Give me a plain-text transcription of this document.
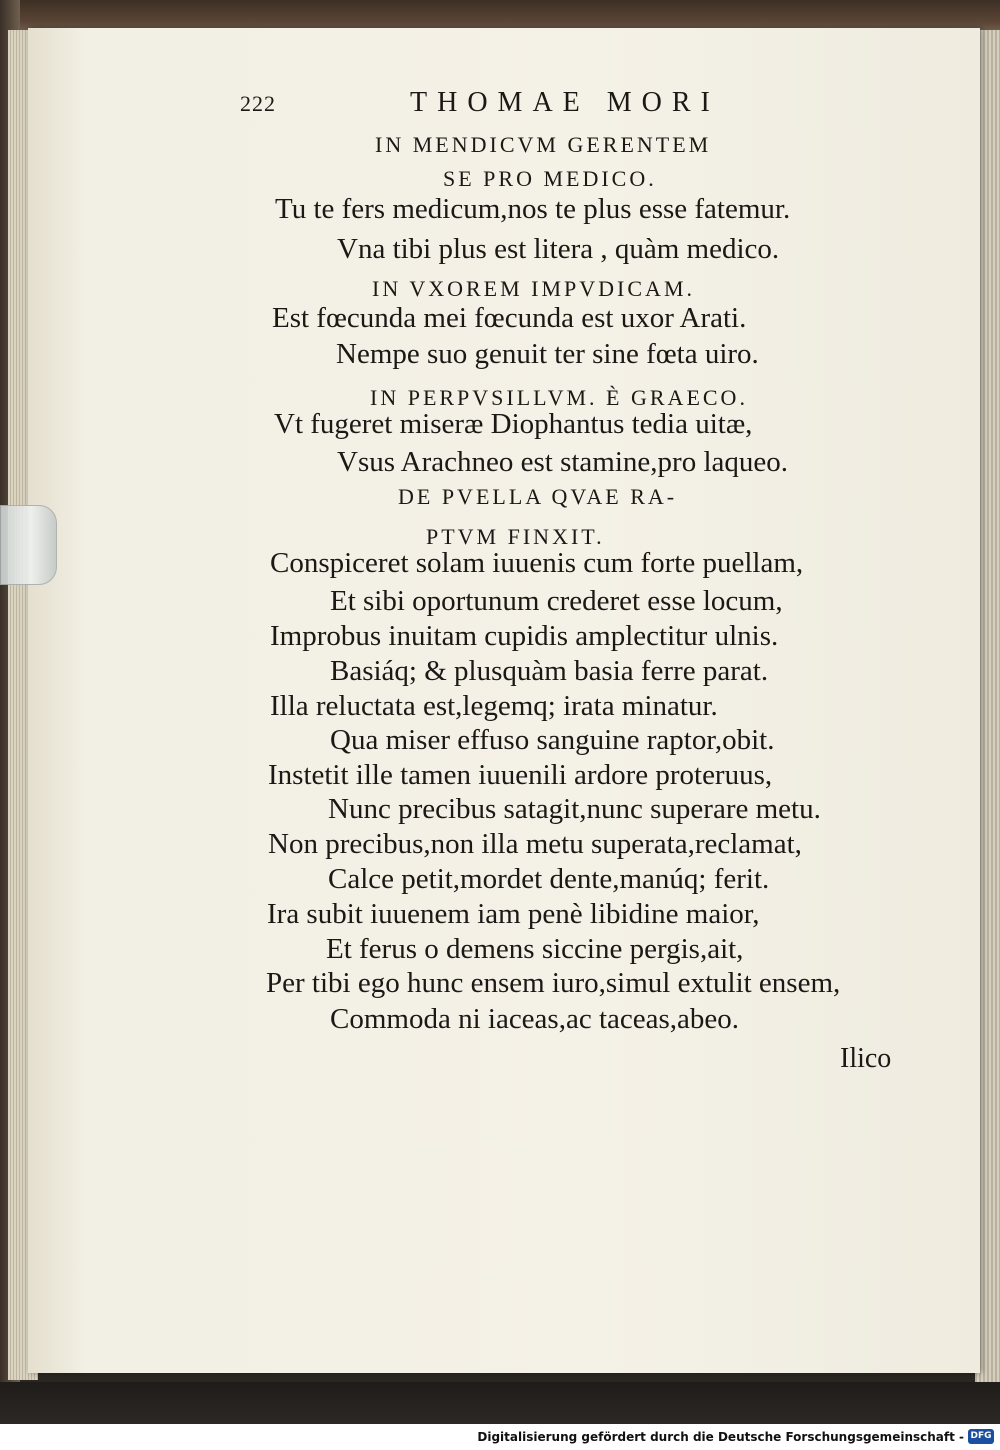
222	THOMAE MORI
IN MENDICVM GERENTEM
SE PRO MEDICO.
Tu te fers medicum,nos te plus esse fatemur.
Vna tibi plus est litera , quàm medico.
IN VXOREM IMPVDICAM.
Est fœcunda mei fœcunda est uxor Arati.
Nempe suo genuit ter sine fœta uiro.
IN PERPVSILLVM. È GRAECO.
Vt fugeret miseræ Diophantus tedia uitæ,
Vsus Arachneo est stamine,pro laqueo.
DE PVELLA QVAE RA-
PTVM FINXIT.
Conspiceret solam iuuenis cum forte puellam,
Et sibi oportunum crederet esse locum,
Improbus inuitam cupidis amplectitur ulnis.
Basiáq; & plusquàm basia ferre parat.
Illa reluctata est,legemq; irata minatur.
Qua miser effuso sanguine raptor,obit.
Instetit ille tamen iuuenili ardore proteruus,
Nunc precibus satagit,nunc superare metu.
Non precibus,non illa metu superata,reclamat,
Calce petit,mordet dente,manúq; ferit.
Ira subit iuuenem iam penè libidine maior,
Et ferus o demens siccine pergis,ait,
Per tibi ego hunc ensem iuro,simul extulit ensem,
Commoda ni iaceas,ac taceas,abeo.
Ilico
Digitalisierung gefördert durch die Deutsche Forschungsgemeinschaft - DFG
